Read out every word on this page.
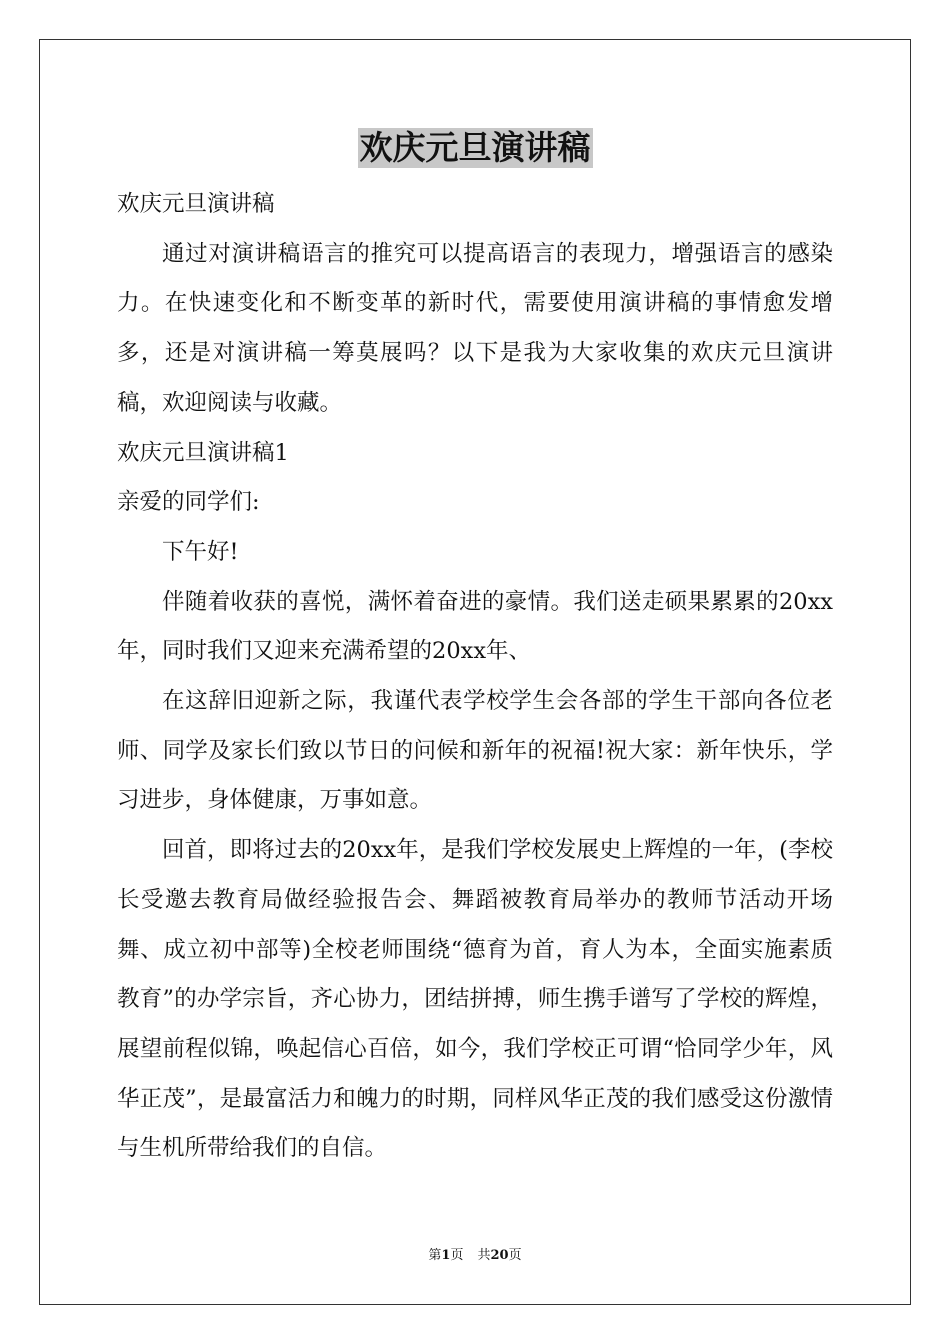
欢庆元旦演讲稿

欢庆元旦演讲稿

通过对演讲稿语言的推究可以提高语言的表现力，增强语言的感染力。在快速变化和不断变革的新时代，需要使用演讲稿的事情愈发增多，还是对演讲稿一筹莫展吗？以下是我为大家收集的欢庆元旦演讲稿，欢迎阅读与收藏。

欢庆元旦演讲稿1

亲爱的同学们:

下午好!

伴随着收获的喜悦，满怀着奋进的豪情。我们送走硕果累累的20xx年，同时我们又迎来充满希望的20xx年、

在这辞旧迎新之际，我谨代表学校学生会各部的学生干部向各位老师、同学及家长们致以节日的问候和新年的祝福!祝大家：新年快乐，学习进步，身体健康，万事如意。

回首，即将过去的20xx年，是我们学校发展史上辉煌的一年，(李校长受邀去教育局做经验报告会、舞蹈被教育局举办的教师节活动开场舞、成立初中部等)全校老师围绕“德育为首，育人为本，全面实施素质教育”的办学宗旨，齐心协力，团结拼搏，师生携手谱写了学校的辉煌，展望前程似锦，唤起信心百倍，如今，我们学校正可谓“恰同学少年，风华正茂”，是最富活力和魄力的时期，同样风华正茂的我们感受这份激情与生机所带给我们的自信。

第1页 共20页
